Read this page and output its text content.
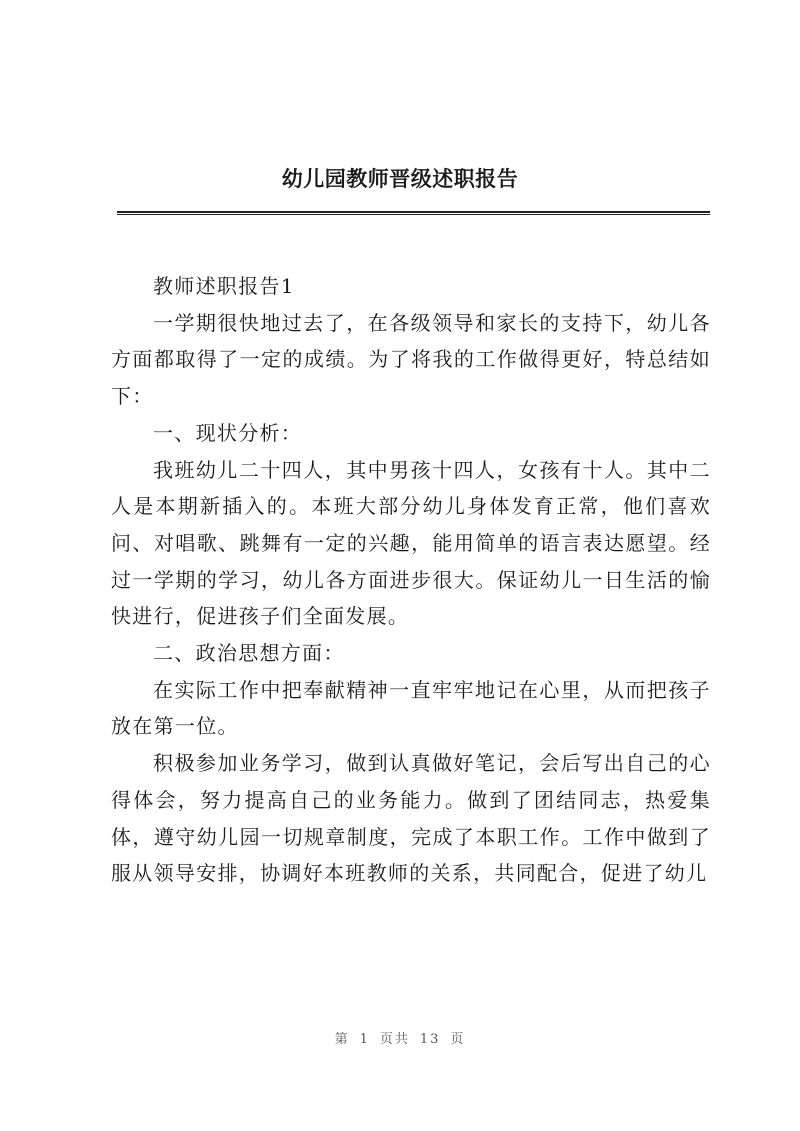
幼儿园教师晋级述职报告

教师述职报告1

一学期很快地过去了，在各级领导和家长的支持下，幼儿各方面都取得了一定的成绩。为了将我的工作做得更好，特总结如下：

一、现状分析：

我班幼儿二十四人，其中男孩十四人，女孩有十人。其中二人是本期新插入的。本班大部分幼儿身体发育正常，他们喜欢问、对唱歌、跳舞有一定的兴趣，能用简单的语言表达愿望。经过一学期的学习，幼儿各方面进步很大。保证幼儿一日生活的愉快进行，促进孩子们全面发展。

二、政治思想方面：

在实际工作中把奉献精神一直牢牢地记在心里，从而把孩子放在第一位。

积极参加业务学习，做到认真做好笔记，会后写出自己的心得体会，努力提高自己的业务能力。做到了团结同志，热爱集体，遵守幼儿园一切规章制度，完成了本职工作。工作中做到了服从领导安排，协调好本班教师的关系，共同配合，促进了幼儿

第 1 页共 13 页
